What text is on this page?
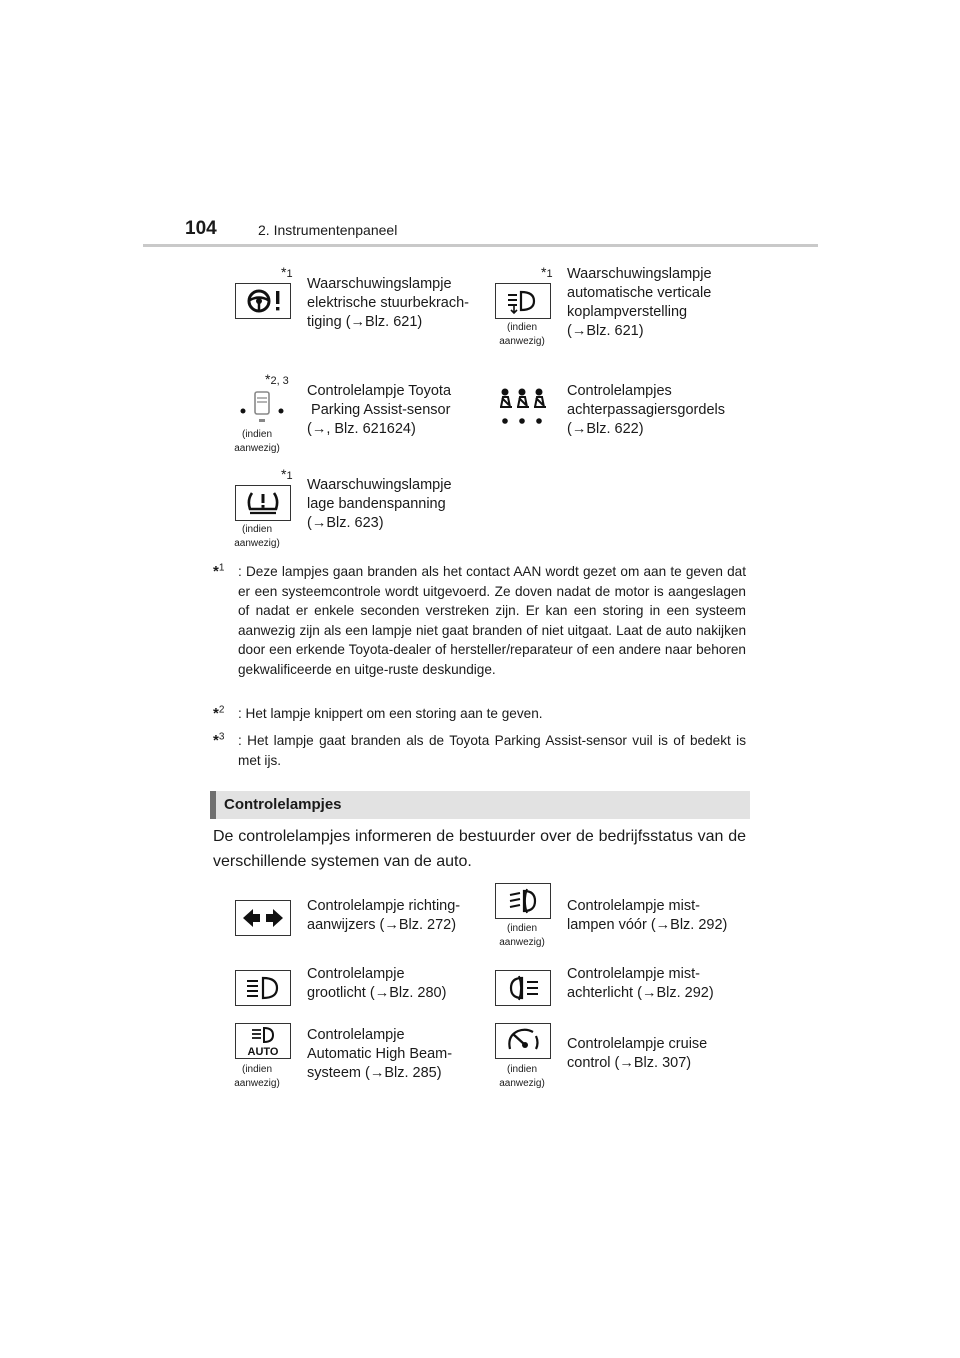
104	2. Instrumentenpaneel
*1
Waarschuwingslampje
elektrische stuurbekrach-
tiging (→Blz. 621)
*1
(indien
aanwezig)
Waarschuwingslampje
automatische verticale
koplampverstelling
(→Blz. 621)
*2, 3
(indien
aanwezig)
Controlelampje Toyota
Parking Assist-sensor
(→, Blz. 621624)
Controlelampjes
achterpassagiersgordels
(→Blz. 622)
*1
(indien
aanwezig)
Waarschuwingslampje
lage bandenspanning
(→Blz. 623)
*$^1$ : Deze lampjes gaan branden als het contact AAN wordt gezet om aan te geven dat er een systeemcontrole wordt uitgevoerd. Ze doven nadat de motor is aangeslagen of nadat er enkele seconden verstreken zijn. Er kan een storing in een systeem aanwezig zijn als een lampje niet gaat branden of niet uitgaat. Laat de auto nakijken door een erkende Toyota-dealer of hersteller/reparateur of een andere naar behoren gekwalificeerde en uitge-ruste deskundige.
*$^2$ : Het lampje knippert om een storing aan te geven.
*$^3$ : Het lampje gaat branden als de Toyota Parking Assist-sensor vuil is of bedekt is met ijs.
Controlelampjes
De controlelampjes informeren de bestuurder over de bedrijfsstatus van de verschillende systemen van de auto.
Controlelampje richting-
aanwijzers (→Blz. 272)	(indien
aanwezig)
Controlelampje mist-
lampen vóór (→Blz. 292)
Controlelampje
grootlicht (→Blz. 280)
Controlelampje mist-
achterlicht (→Blz. 292)
AUTO
(indien
aanwezig)
Controlelampje
Automatic High Beam-
systeem (→Blz. 285)	(indien
aanwezig)
Controlelampje cruise
control (→Blz. 307)
